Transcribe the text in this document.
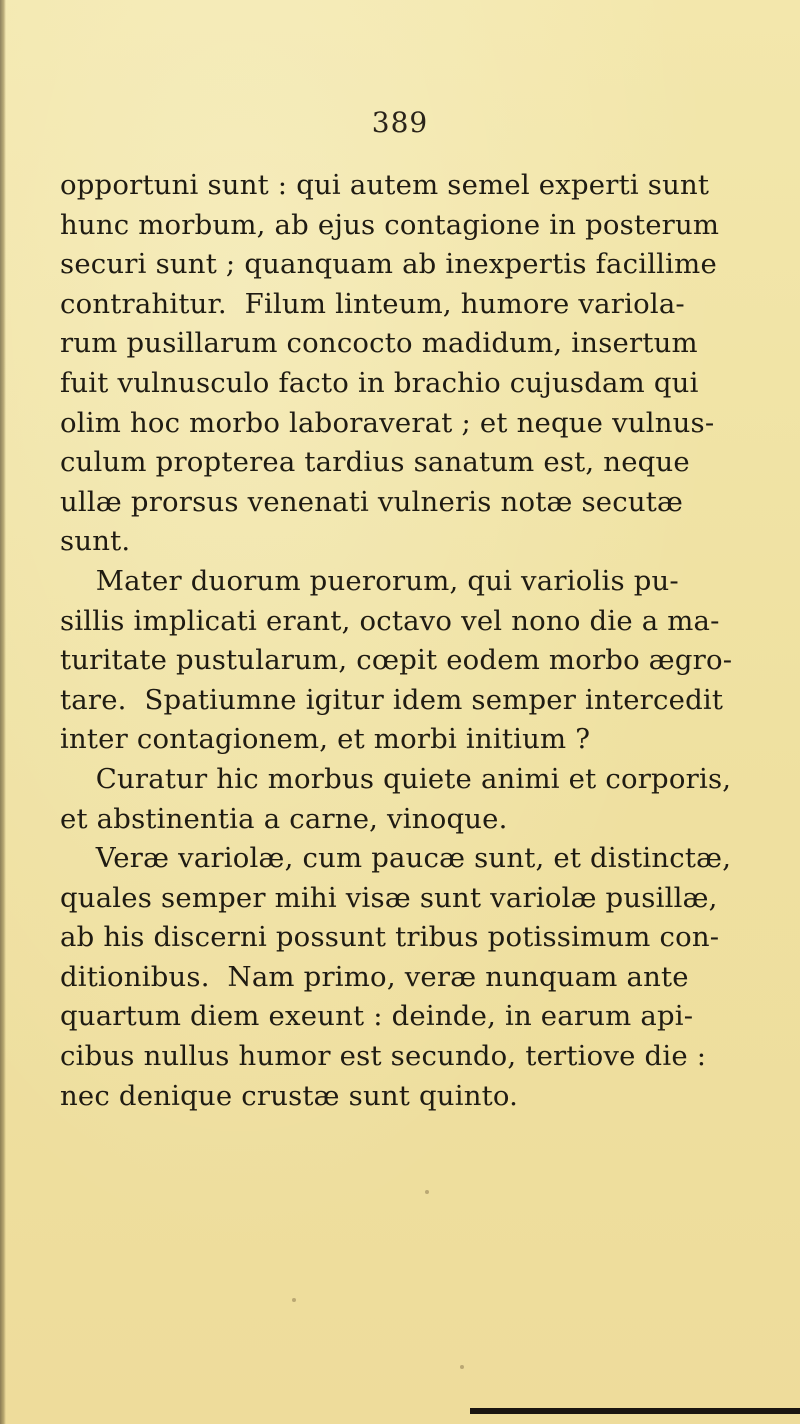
389
opportuni sunt : qui autem semel experti sunt
hunc morbum, ab ejus contagione in posterum
securi sunt ; quanquam ab inexpertis facillime
contrahitur.  Filum linteum, humore variola-
rum pusillarum concocto madidum, insertum
fuit vulnusculo facto in brachio cujusdam qui
olim hoc morbo laboraverat ; et neque vulnus-
culum propterea tardius sanatum est, neque
ullæ prorsus venenati vulneris notæ secutæ
sunt.
Mater duorum puerorum, qui variolis pu-
sillis implicati erant, octavo vel nono die a ma-
turitate pustularum, cœpit eodem morbo ægro-
tare.  Spatiumne igitur idem semper intercedit
inter contagionem, et morbi initium ?
Curatur hic morbus quiete animi et corporis,
et abstinentia a carne, vinoque.
Veræ variolæ, cum paucæ sunt, et distinctæ,
quales semper mihi visæ sunt variolæ pusillæ,
ab his discerni possunt tribus potissimum con-
ditionibus.  Nam primo, veræ nunquam ante
quartum diem exeunt : deinde, in earum api-
cibus nullus humor est secundo, tertiove die :
nec denique crustæ sunt quinto.
